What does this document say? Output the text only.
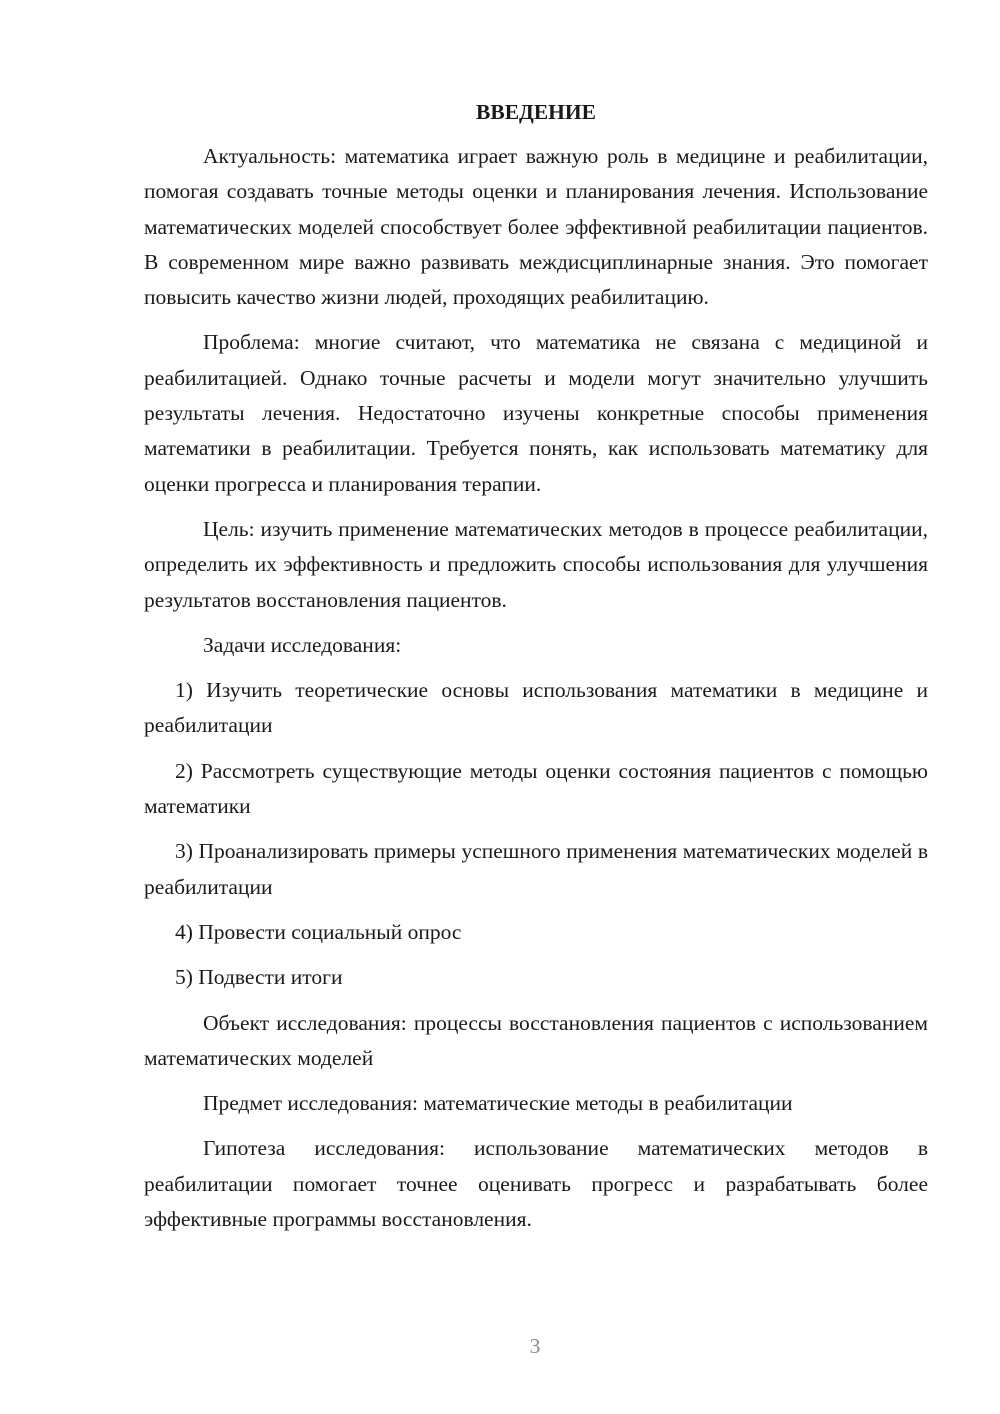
ВВЕДЕНИЕ

Актуальность: математика играет важную роль в медицине и реабилитации, помогая создавать точные методы оценки и планирования лечения. Использование математических моделей способствует более эффективной реабилитации пациентов. В современном мире важно развивать междисциплинарные знания. Это помогает повысить качество жизни людей, проходящих реабилитацию.

Проблема: многие считают, что математика не связана с медициной и реабилитацией. Однако точные расчеты и модели могут значительно улучшить результаты лечения. Недостаточно изучены конкретные способы применения математики в реабилитации. Требуется понять, как использовать математику для оценки прогресса и планирования терапии.

Цель: изучить применение математических методов в процессе реабилитации, определить их эффективность и предложить способы использования для улучшения результатов восстановления пациентов.

Задачи исследования:

1) Изучить теоретические основы использования математики в медицине и реабилитации

2) Рассмотреть существующие методы оценки состояния пациентов с помощью математики

3) Проанализировать примеры успешного применения математических моделей в реабилитации

4) Провести социальный опрос

5) Подвести итоги

Объект исследования: процессы восстановления пациентов с использованием математических моделей

Предмет исследования: математические методы в реабилитации

Гипотеза исследования: использование математических методов в реабилитации помогает точнее оценивать прогресс и разрабатывать более эффективные программы восстановления.

3
